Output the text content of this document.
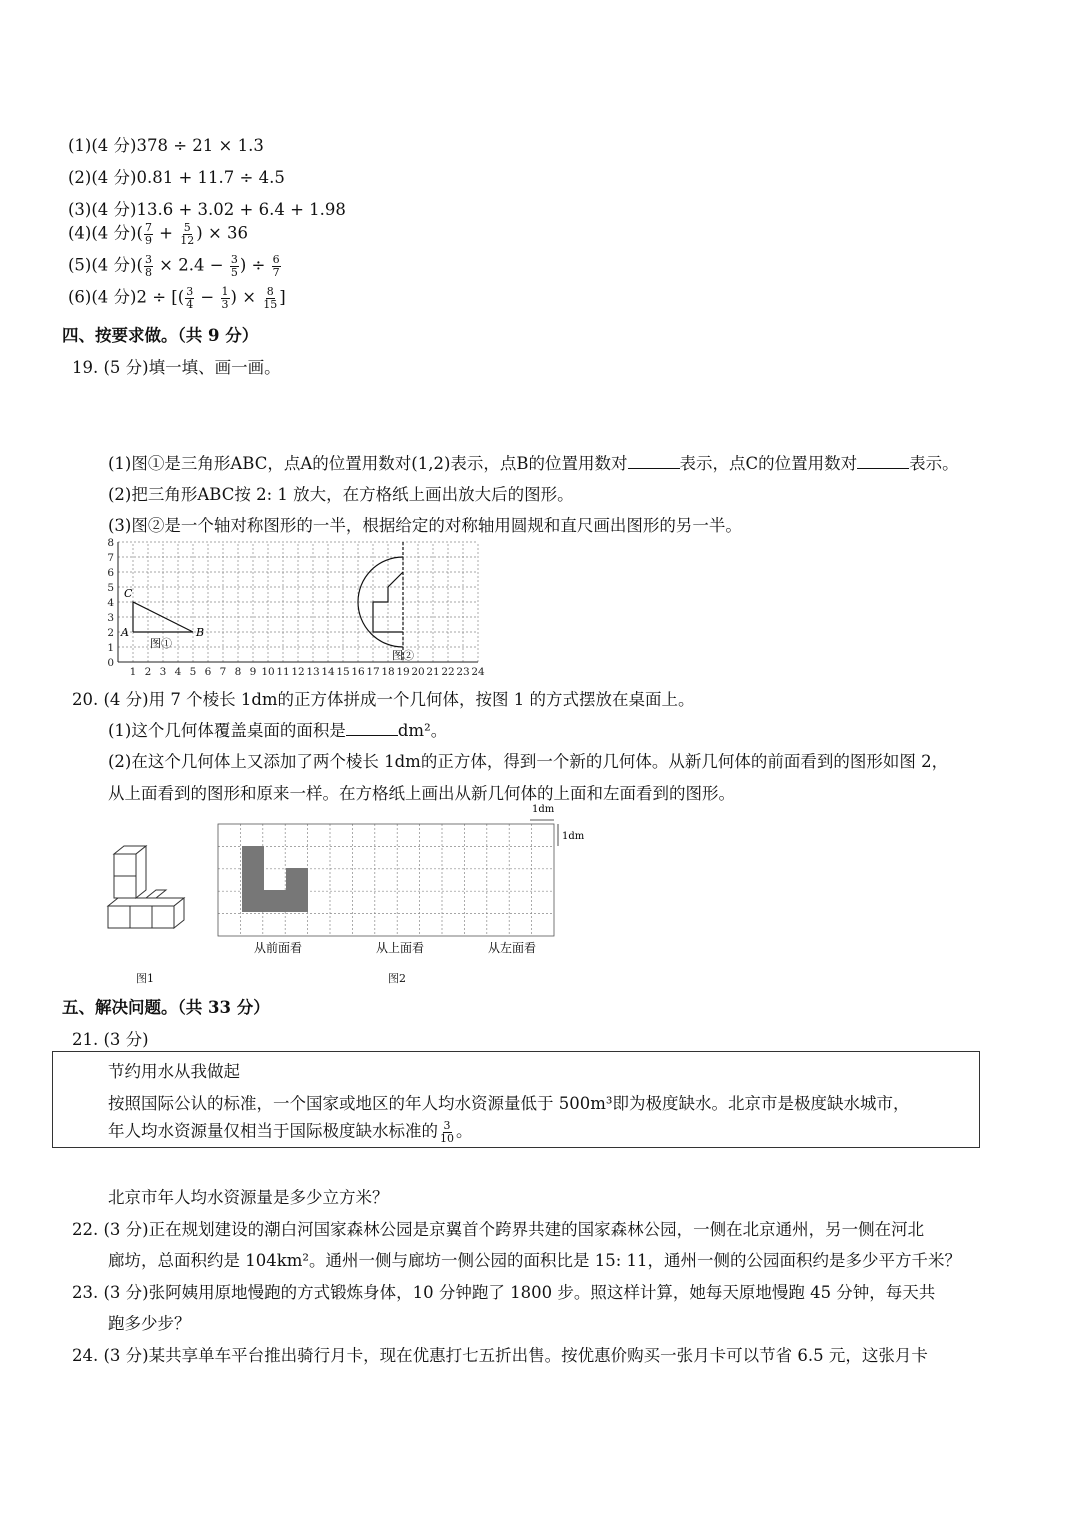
(1)(4 分)378 ÷ 21 × 1.3
(2)(4 分)0.81 + 11.7 ÷ 4.5
(3)(4 分)13.6 + 3.02 + 6.4 + 1.98
(4)(4 分)( $\frac{7}{9} + \frac{5}{12}$ ) × 36
(5)(4 分)( $\frac{3}{8} \times 2.4 - \frac{3}{5}$ ) ÷ $\frac{6}{7}$
(6)(4 分)2 ÷ [( $\frac{3}{4} - \frac{1}{3}$ ) × $\frac{8}{15}$ ]
四、按要求做。（共 9 分）
19. (5 分)填一填、画一画。
(1)图①是三角形ABC，点A的位置用数对(1,2)表示，点B的位置用数对	表示，点C的位置用数对	表示。
(2)把三角形ABC按 2: 1 放大，在方格纸上画出放大后的图形。
(3)图②是一个轴对称图形的一半，根据给定的对称轴用圆规和直尺画出图形的另一半。
1 2 3 4 5 6 7 8 9 10 11 12 13 14 15 16 17 18 19 20 21 22 23 24
0
1
2
3
4
5
6
7
8
A	B
C
图①
图②
20. (4 分)用 7 个棱长 1dm的正方体拼成一个几何体，按图 1 的方式摆放在桌面上。
(1)这个几何体覆盖桌面的面积是	dm²。
(2)在这个几何体上又添加了两个棱长 1dm的正方体，得到一个新的几何体。从新几何体的前面看到的图形如图 2，
从上面看到的图形和原来一样。在方格纸上画出从新几何体的上面和左面看到的图形。
图1
1dm
1dm
从前面看	从上面看	从左面看
图2
五、解决问题。（共 33 分）
21. (3 分)
节约用水从我做起
按照国际公认的标准，一个国家或地区的年人均水资源量低于 500m³即为极度缺水。北京市是极度缺水城市，
年人均水资源量仅相当于国际极度缺水标准的 $\frac{3}{10}$ 。
北京市年人均水资源量是多少立方米？
22. (3 分)正在规划建设的潮白河国家森林公园是京翼首个跨界共建的国家森林公园，一侧在北京通州，另一侧在河北
廊坊，总面积约是 104km²。通州一侧与廊坊一侧公园的面积比是 15: 11，通州一侧的公园面积约是多少平方千米？
23. (3 分)张阿姨用原地慢跑的方式锻炼身体，10 分钟跑了 1800 步。照这样计算，她每天原地慢跑 45 分钟，每天共
跑多少步？
24. (3 分)某共享单车平台推出骑行月卡，现在优惠打七五折出售。按优惠价购买一张月卡可以节省 6.5 元，这张月卡
